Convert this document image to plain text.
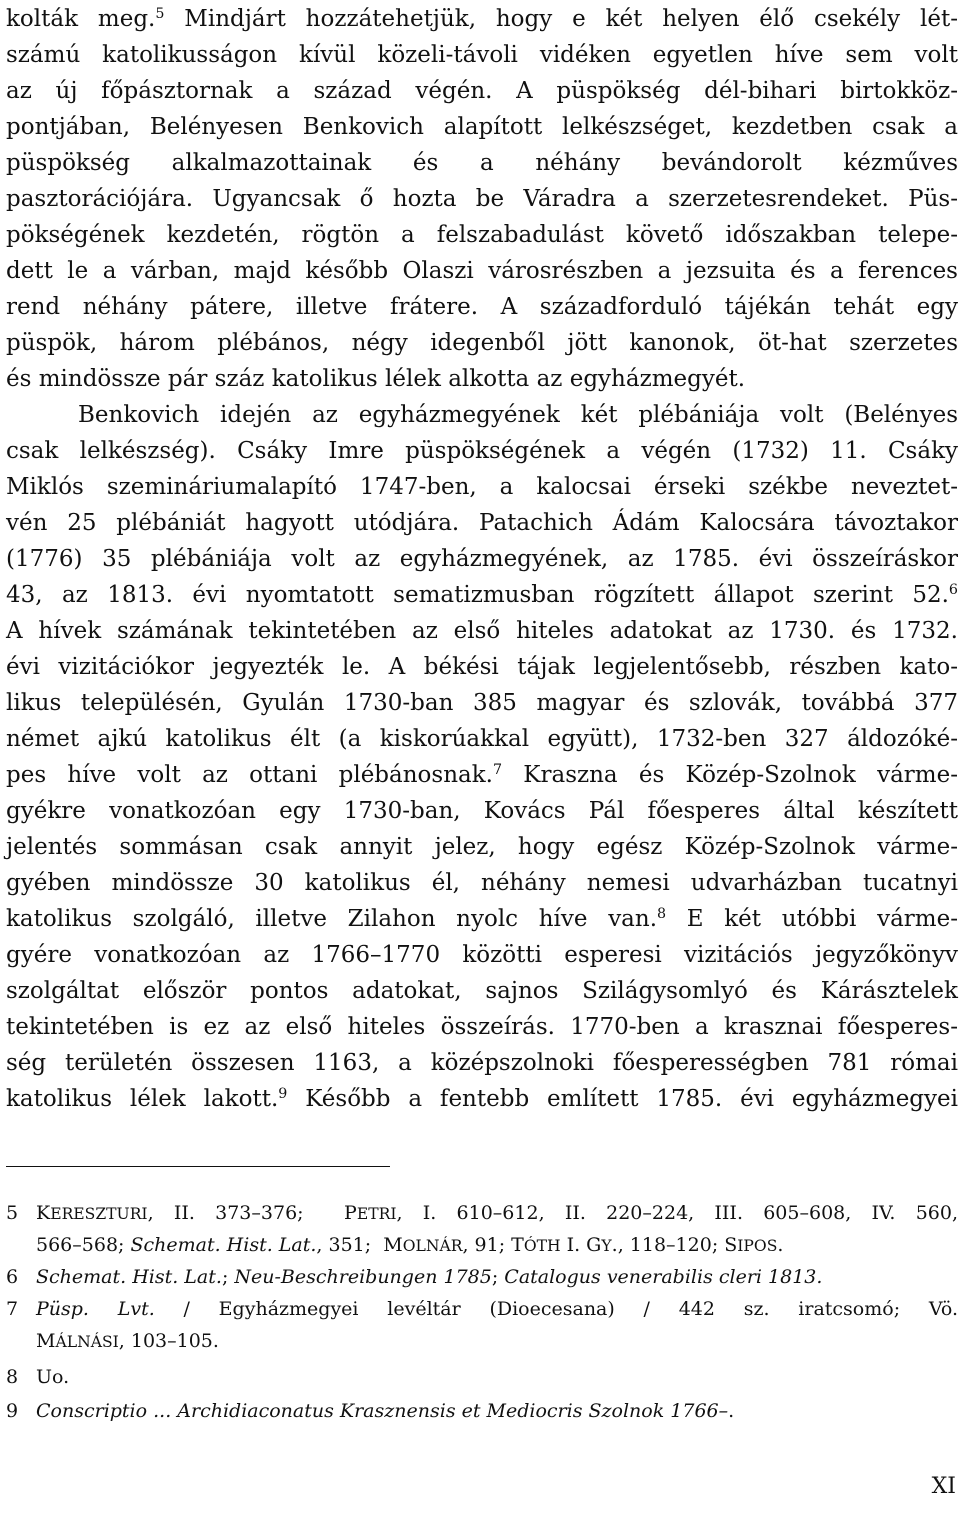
kolták meg.$^5$ Mindjárt hozzátehetjük, hogy e két helyen élő csekély lét-
számú katolikusságon kívül közeli-távoli vidéken egyetlen híve sem volt
az új főpásztornak a század végén. A püspökség dél-bihari birtokköz-
pontjában, Belényesen Benkovich alapított lelkészséget, kezdetben csak a
püspökség alkalmazottainak és a néhány bevándorolt kézműves
pasztorációjára. Ugyancsak ő hozta be Váradra a szerzetesrendeket. Püs-
pökségének kezdetén, rögtön a felszabadulást követő időszakban telepe-
dett le a várban, majd később Olaszi városrészben a jezsuita és a ferences
rend néhány pátere, illetve frátere. A századforduló tájékán tehát egy
püspök, három plébános, négy idegenből jött kanonok, öt-hat szerzetes
és mindössze pár száz katolikus lélek alkotta az egyházmegyét.
Benkovich idején az egyházmegyének két plébániája volt (Belényes
csak lelkészség). Csáky Imre püspökségének a végén (1732) 11. Csáky
Miklós szemináriumalapító 1747-ben, a kalocsai érseki székbe neveztet-
vén 25 plébániát hagyott utódjára. Patachich Ádám Kalocsára távoztakor
(1776) 35 plébániája volt az egyházmegyének, az 1785. évi összeíráskor
43, az 1813. évi nyomtatott sematizmusban rögzített állapot szerint 52.$^6$
A hívek számának tekintetében az első hiteles adatokat az 1730. és 1732.
évi vizitációkor jegyezték le. A békési tájak legjelentősebb, részben kato-
likus településén, Gyulán 1730-ban 385 magyar és szlovák, továbbá 377
német ajkú katolikus élt (a kiskorúakkal együtt), 1732-ben 327 áldozóké-
pes híve volt az ottani plébánosnak.$^7$ Kraszna és Közép-Szolnok várme-
gyékre vonatkozóan egy 1730-ban, Kovács Pál főesperes által készített
jelentés sommásan csak annyit jelez, hogy egész Közép-Szolnok várme-
gyében mindössze 30 katolikus él, néhány nemesi udvarházban tucatnyi
katolikus szolgáló, illetve Zilahon nyolc híve van.$^8$ E két utóbbi várme-
gyére vonatkozóan az 1766–1770 közötti esperesi vizitációs jegyzőkönyv
szolgáltat először pontos adatokat, sajnos Szilágysomlyó és Kárásztelek
tekintetében is ez az első hiteles összeírás. 1770-ben a krasznai főesperes-
ség területén összesen 1163, a középszolnoki főesperességben 781 római
katolikus lélek lakott.$^9$ Később a fentebb említett 1785. évi egyházmegyei
5 KERESZTURI, II. 373–376;  PETRI, I. 610–612, II. 220–224, III. 605–608, IV. 560,
566–568; Schemat. Hist. Lat., 351;  MOLNÁR, 91; TÓTH I. GY., 118–120; SIPOS.
6 Schemat. Hist. Lat.; Neu-Beschreibungen 1785; Catalogus venerabilis cleri 1813.
7 Püsp. Lvt. / Egyházmegyei levéltár (Dioecesana) / 442 sz. iratcsomó; Vö.
MÁLNÁSI, 103–105.
8 Uo.
9 Conscriptio ... Archidiaconatus Krasznensis et Mediocris Szolnok 1766–.
XI
